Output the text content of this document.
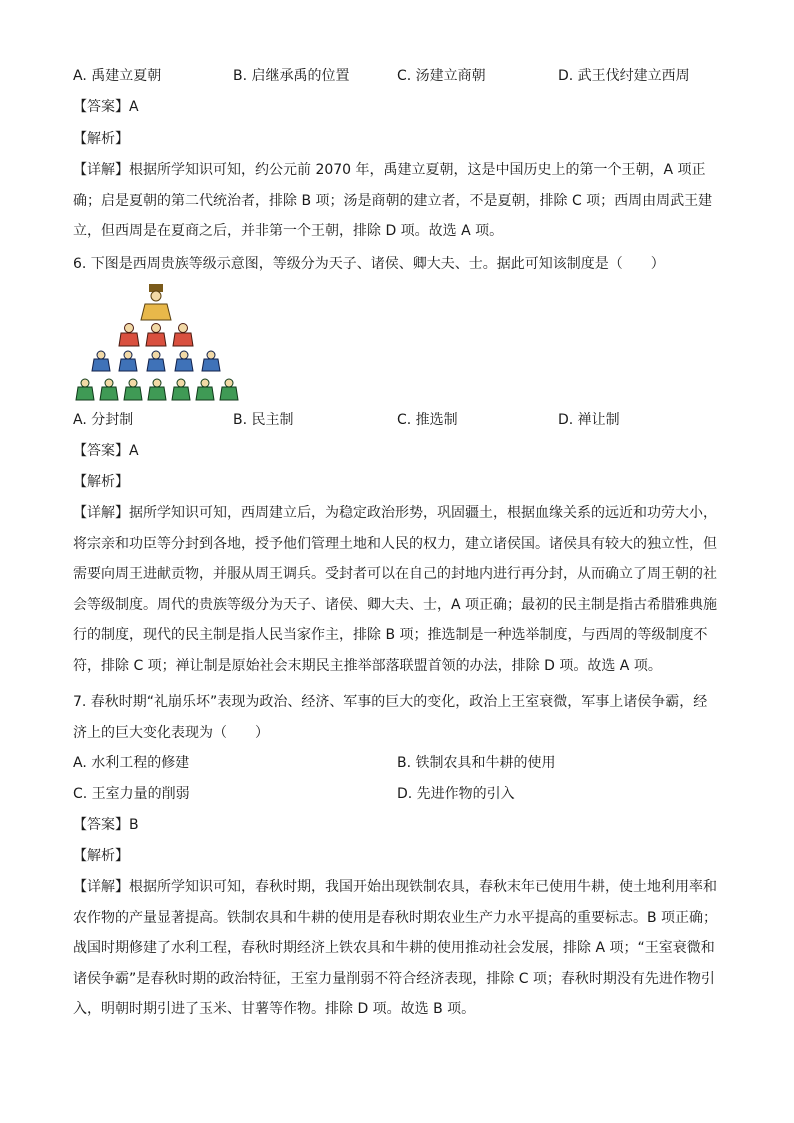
A. 禹建立夏朝	B. 启继承禹的位置	C. 汤建立商朝	D. 武王伐纣建立西周
【答案】A
【解析】
【详解】根据所学知识可知，约公元前 2070 年，禹建立夏朝，这是中国历史上的第一个王朝，A 项正
确；启是夏朝的第二代统治者，排除 B 项；汤是商朝的建立者，不是夏朝，排除 C 项；西周由周武王建
立，但西周是在夏商之后，并非第一个王朝，排除 D 项。故选 A 项。
6. 下图是西周贵族等级示意图，等级分为天子、诸侯、卿大夫、士。据此可知该制度是（　　）
A. 分封制	B. 民主制	C. 推选制	D. 禅让制
【答案】A
【解析】
【详解】据所学知识可知，西周建立后，为稳定政治形势，巩固疆土，根据血缘关系的远近和功劳大小，
将宗亲和功臣等分封到各地，授予他们管理土地和人民的权力，建立诸侯国。诸侯具有较大的独立性，但
需要向周王进献贡物，并服从周王调兵。受封者可以在自己的封地内进行再分封，从而确立了周王朝的社
会等级制度。周代的贵族等级分为天子、诸侯、卿大夫、士，A 项正确；最初的民主制是指古希腊雅典施
行的制度，现代的民主制是指人民当家作主，排除 B 项；推选制是一种选举制度，与西周的等级制度不
符，排除 C 项；禅让制是原始社会末期民主推举部落联盟首领的办法，排除 D 项。故选 A 项。
7. 春秋时期“礼崩乐坏”表现为政治、经济、军事的巨大的变化，政治上王室衰微，军事上诸侯争霸，经
济上的巨大变化表现为（　　）
A. 水利工程的修建	B. 铁制农具和牛耕的使用
C. 王室力量的削弱	D. 先进作物的引入
【答案】B
【解析】
【详解】根据所学知识可知，春秋时期，我国开始出现铁制农具，春秋末年已使用牛耕，使土地利用率和
农作物的产量显著提高。铁制农具和牛耕的使用是春秋时期农业生产力水平提高的重要标志。B 项正确；
战国时期修建了水利工程，春秋时期经济上铁农具和牛耕的使用推动社会发展，排除 A 项；“王室衰微和
诸侯争霸”是春秋时期的政治特征，王室力量削弱不符合经济表现，排除 C 项；春秋时期没有先进作物引
入，明朝时期引进了玉米、甘薯等作物。排除 D 项。故选 B 项。
